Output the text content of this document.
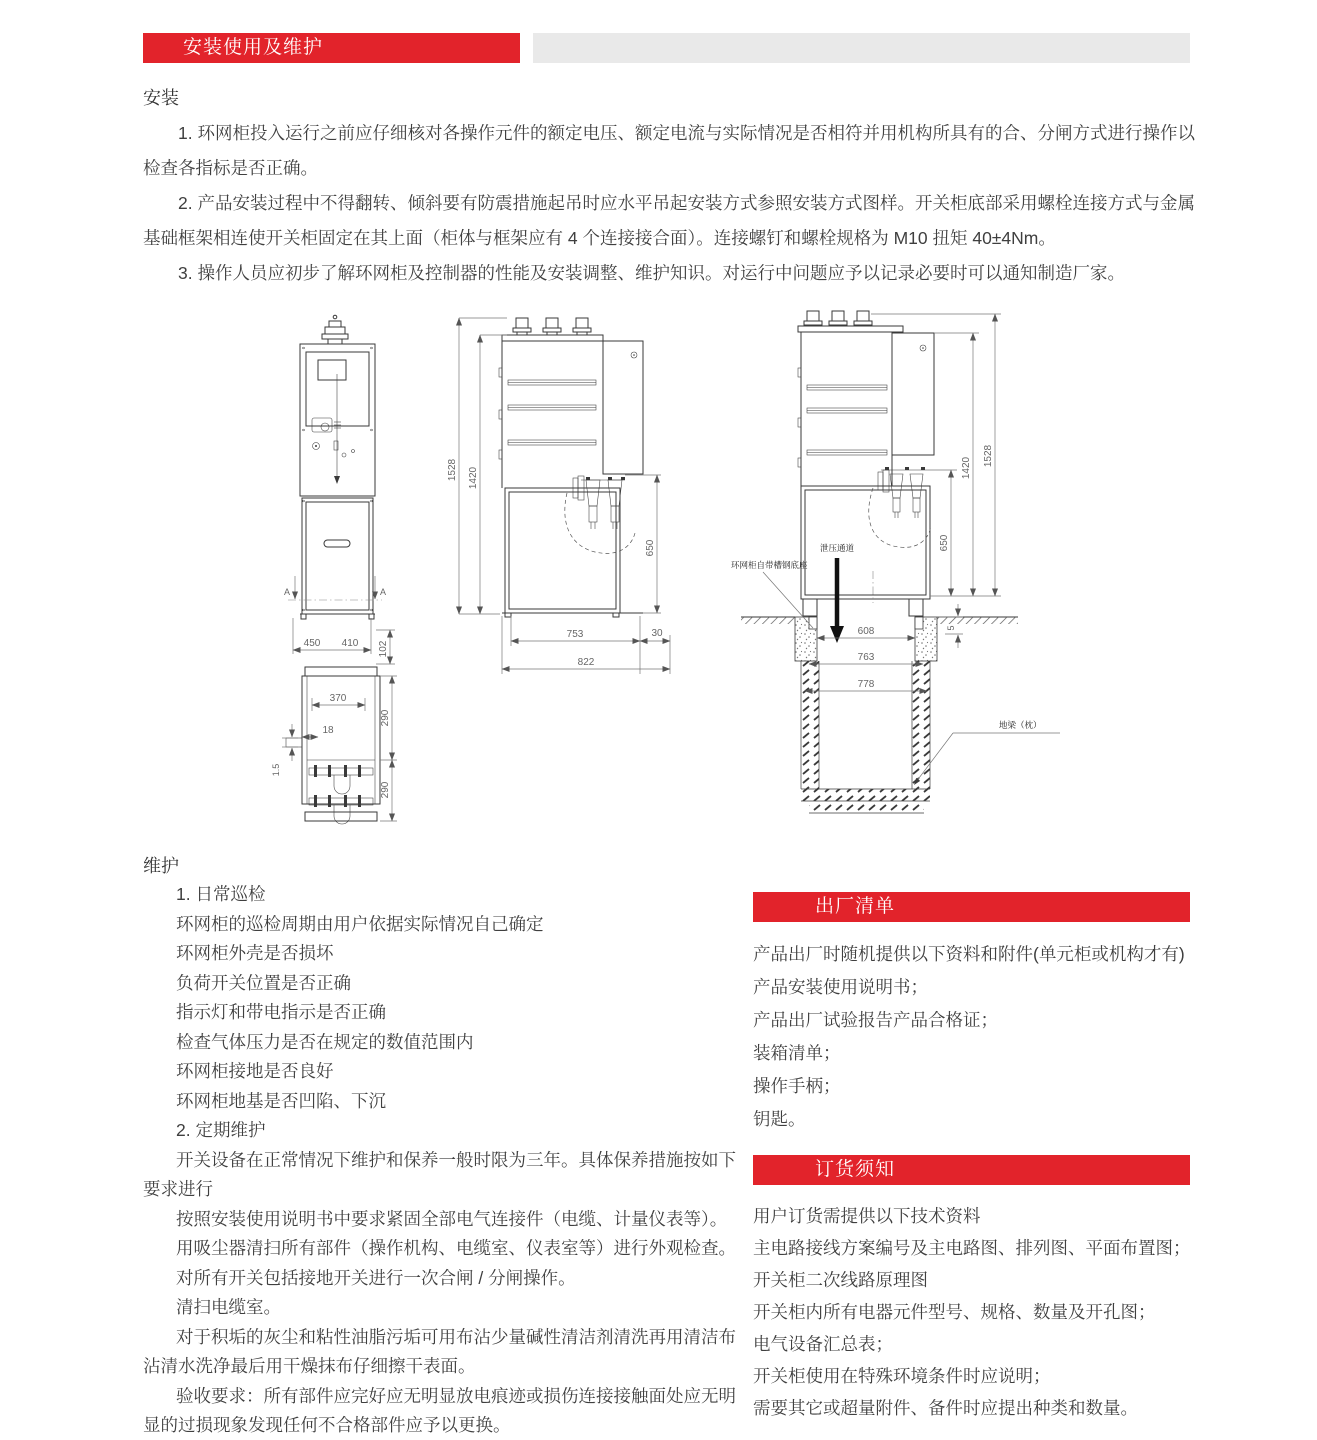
安装使用及维护
安装

1. 环网柜投入运行之前应仔细核对各操作元件的额定电压、额定电流与实际情况是否相符并用机构所具有的合、分闸方式进行操作以检查各指标是否正确。

2. 产品安装过程中不得翻转、倾斜要有防震措施起吊时应水平吊起安装方式参照安装方式图样。开关柜底部采用螺栓连接方式与金属基础框架相连使开关柜固定在其上面（柜体与框架应有 4 个连接接合面）。连接螺钉和螺栓规格为 M10 扭矩 40±4Nm。

3. 操作人员应初步了解环网柜及控制器的性能及安装调整、维护知识。对运行中问题应予以记录必要时可以通知制造厂家。

A	A
450 410 102
370
18
290
290
1.5
1528 1420
650
753	30
822
泄压通道
环网柜自带槽钢底座
地梁（枕）
650
1420
1528
608
763
778
5
维护

1. 日常巡检

环网柜的巡检周期由用户依据实际情况自己确定

环网柜外壳是否损坏

负荷开关位置是否正确

指示灯和带电指示是否正确

检查气体压力是否在规定的数值范围内

环网柜接地是否良好

环网柜地基是否凹陷、下沉

2. 定期维护

开关设备在正常情况下维护和保养一般时限为三年。具体保养措施按如下要求进行

按照安装使用说明书中要求紧固全部电气连接件（电缆、计量仪表等）。

用吸尘器清扫所有部件（操作机构、电缆室、仪表室等）进行外观检查。

对所有开关包括接地开关进行一次合闸 / 分闸操作。

清扫电缆室。

对于积垢的灰尘和粘性油脂污垢可用布沾少量碱性清洁剂清洗再用清洁布沾清水洗净最后用干燥抹布仔细擦干表面。

验收要求：所有部件应完好应无明显放电痕迹或损伤连接接触面处应无明显的过损现象发现任何不合格部件应予以更换。

出厂清单

产品出厂时随机提供以下资料和附件(单元柜或机构才有)

产品安装使用说明书；

产品出厂试验报告产品合格证；

装箱清单；

操作手柄；

钥匙。

订货须知

用户订货需提供以下技术资料

主电路接线方案编号及主电路图、排列图、平面布置图；

开关柜二次线路原理图

开关柜内所有电器元件型号、规格、数量及开孔图；

电气设备汇总表；

开关柜使用在特殊环境条件时应说明；

需要其它或超量附件、备件时应提出种类和数量。
